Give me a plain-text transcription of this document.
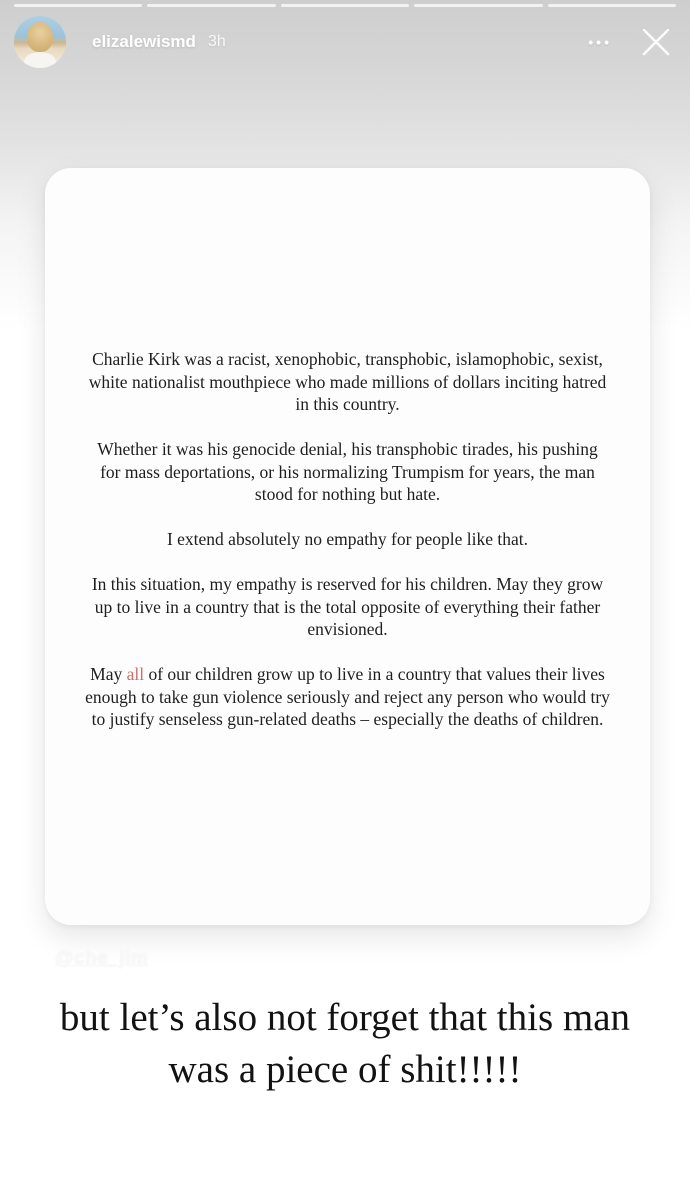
elizalewismd 3h	•••

Charlie Kirk was a racist, xenophobic, transphobic, islamophobic, sexist, white nationalist mouthpiece who made millions of dollars inciting hatred in this country.

Whether it was his genocide denial, his transphobic tirades, his pushing for mass deportations, or his normalizing Trumpism for years, the man stood for nothing but hate.

I extend absolutely no empathy for people like that.

In this situation, my empathy is reserved for his children. May they grow up to live in a country that is the total opposite of everything their father envisioned.

May all of our children grow up to live in a country that values their lives enough to take gun violence seriously and reject any person who would try to justify senseless gun-related deaths – especially the deaths of children.

@che_jim
but let’s also not forget that this man was a piece of shit!!!!!
